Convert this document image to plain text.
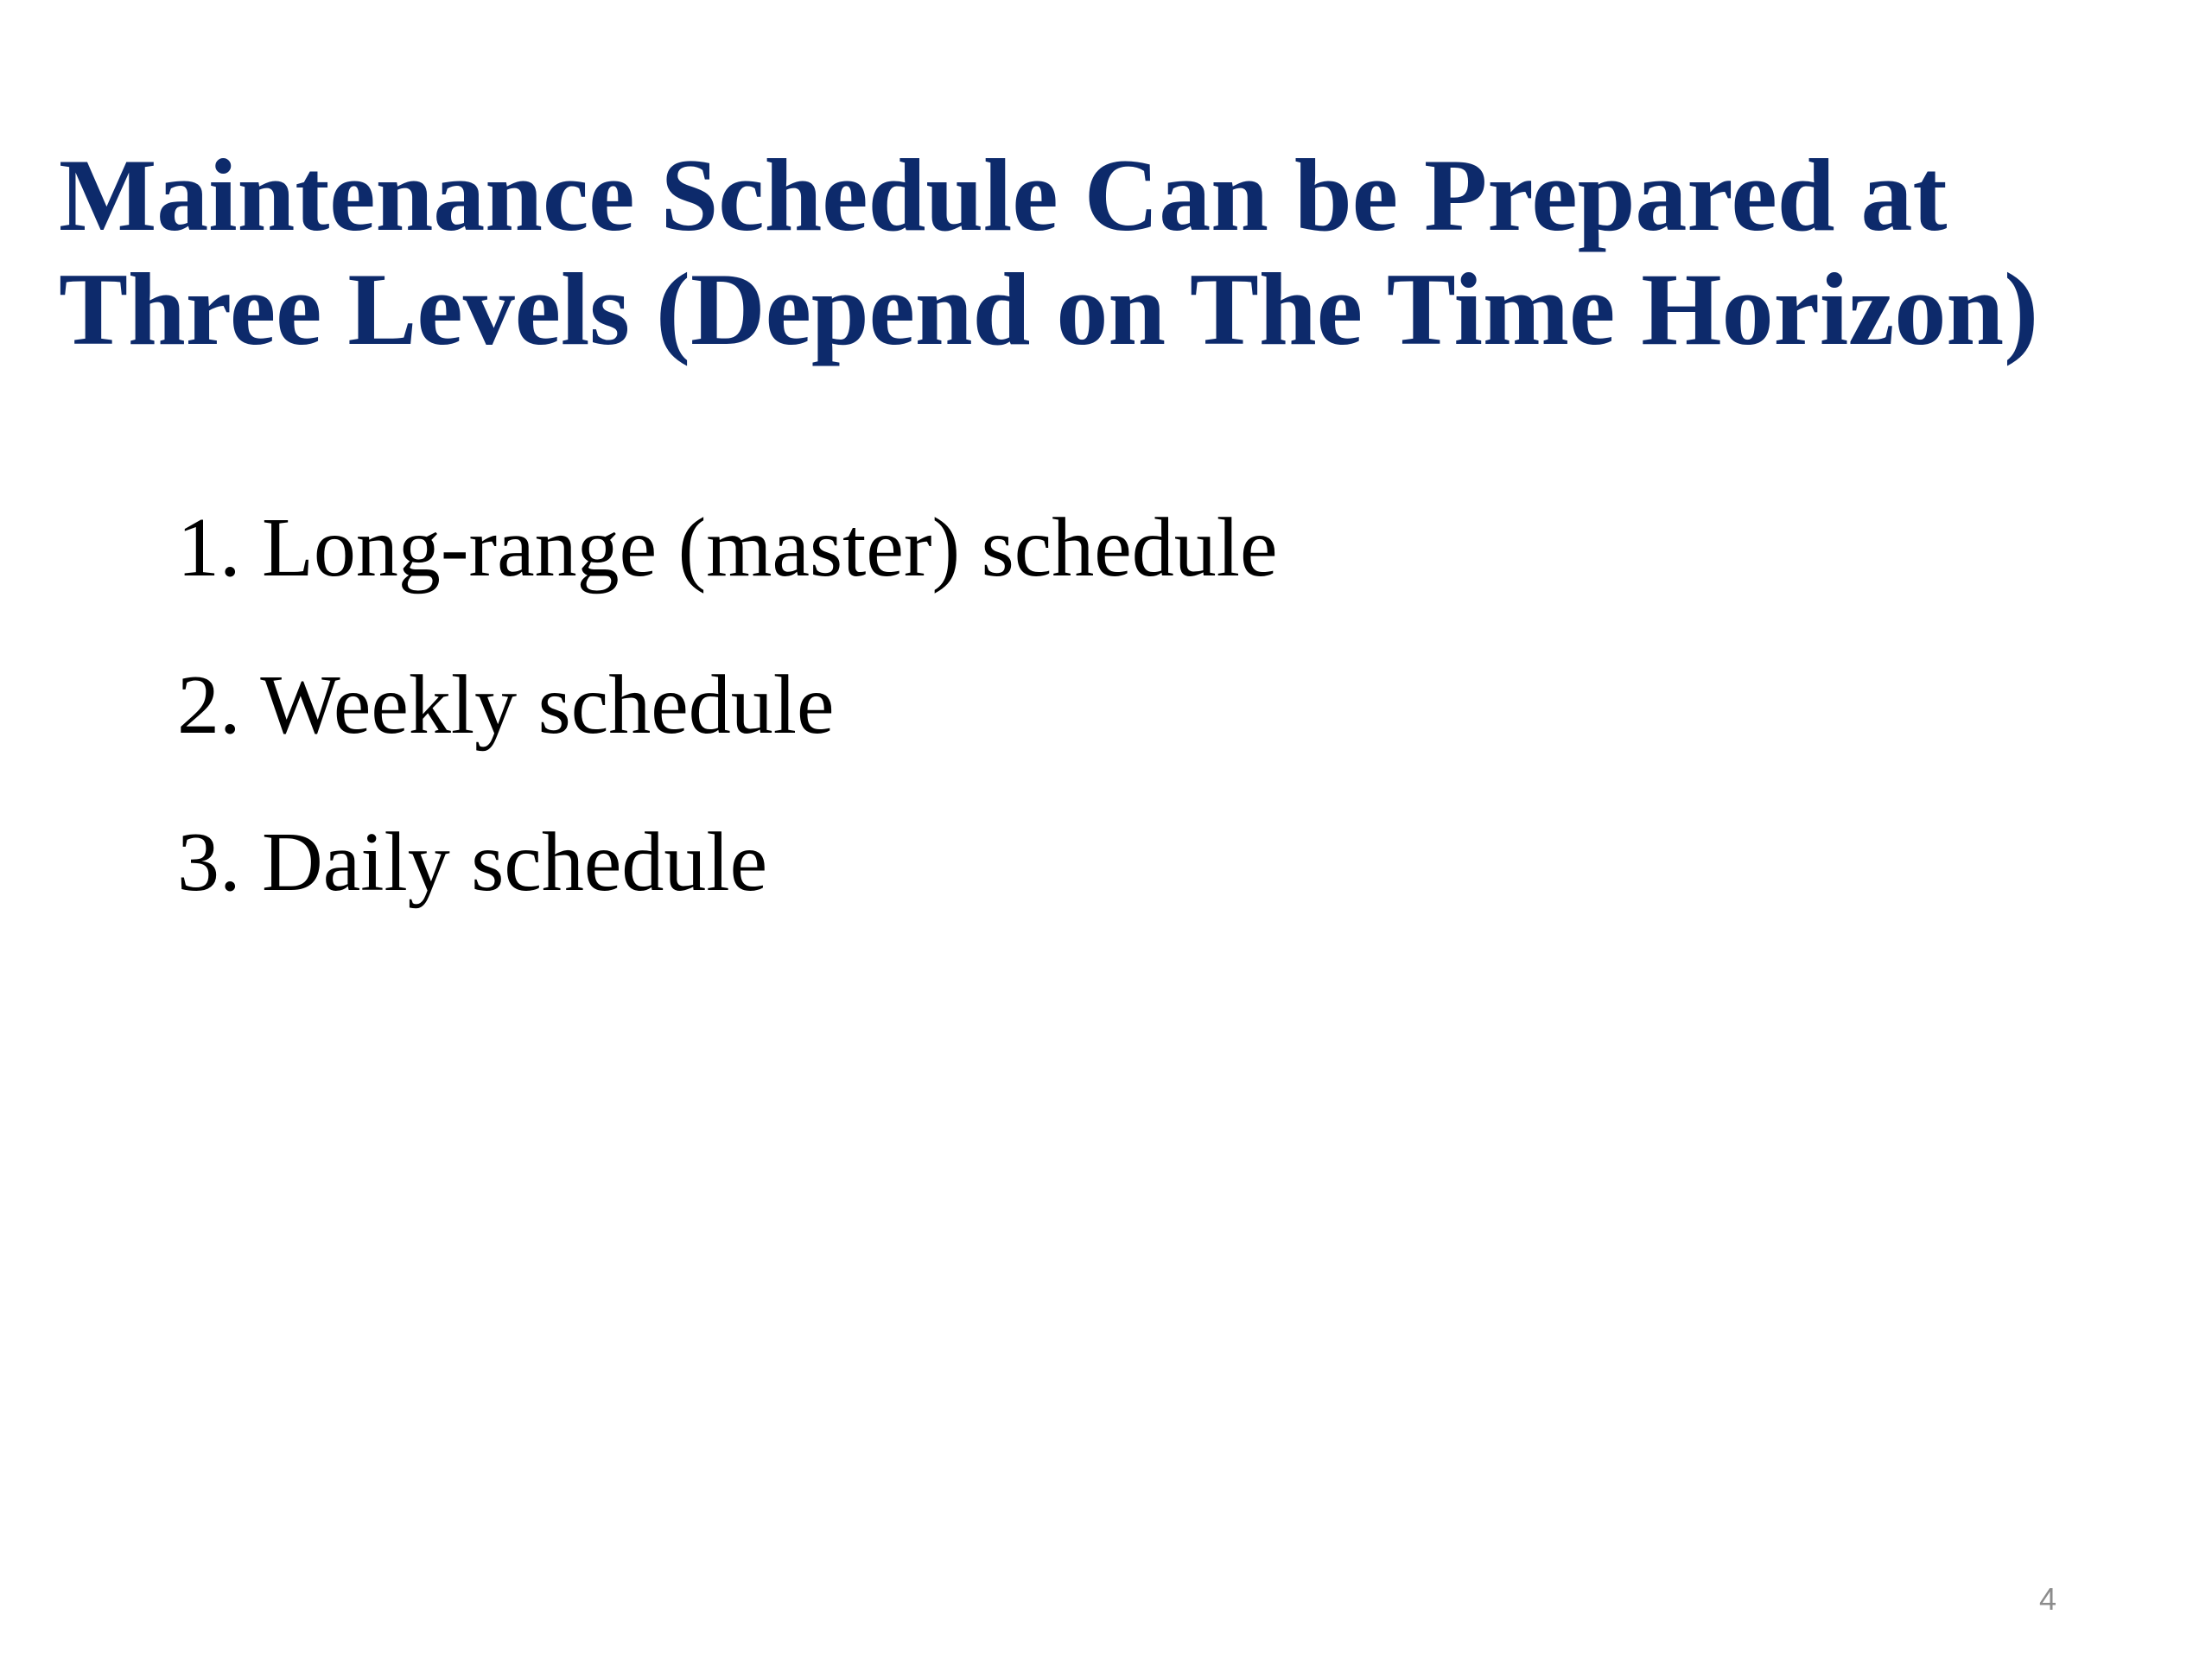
Maintenance Schedule Can be Prepared at
Three Levels (Depend on The Time Horizon)
1. Long-range (master) schedule
2. Weekly schedule
3. Daily schedule
4
